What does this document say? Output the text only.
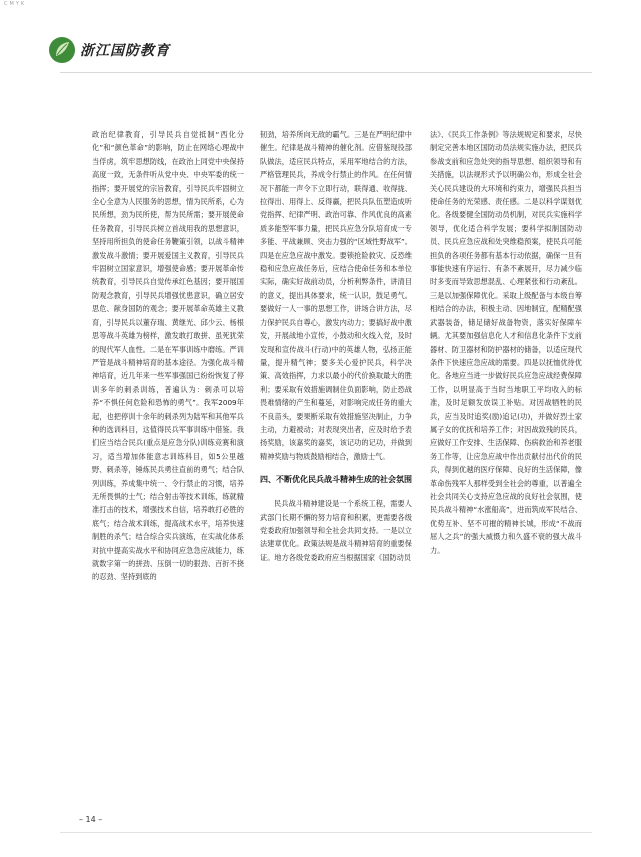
CMYK
浙江国防教育

政治纪律教育，引导民兵自觉抵制“西化分化”和“颜色革命”的影响，防止在网络心理战中当俘虏，筑牢思想防线，在政治上同党中央保持高度一致，无条件听从党中央、中央军委的统一指挥；要开展党的宗旨教育，引导民兵牢固树立全心全意为人民服务的思想，情为民所系，心为民所想，劲为民所使，帮为民所需；要开展使命任务教育，引导民兵树立首战用我的思想意识，坚持用所担负的使命任务鞭策引领，以战斗精神激发战斗激情；要开展爱国主义教育，引导民兵牢固树立国家意识，增强使命感；要开展革命传统教育，引导民兵自觉传承红色基因；要开展国防观念教育，引导民兵增强忧患意识，确立居安思危、献身国防的观念；要开展革命英雄主义教育，引导民兵以董存瑞、黄继光、邱少云、杨根思等战斗英雄为榜样，激发敢打敢拼、虽死犹荣的现代军人血性。二是在军事训练中磨练。严训严管是战斗精神培育的基本途径。为强化战斗精神培育，近几年来一些军事强国已纷纷恢复了停训多年的刺杀训练，普遍认为：刺杀可以培养“不惧任何危险和恐怖的勇气”。我军2009年起，也把停训十余年的刺杀列为陆军和其他军兵种的选训科目，这值得民兵军事训练中借鉴。我们应当结合民兵(重点是应急分队)训练竞赛和演习，适当增加体能意志训练科目，如5公里越野、刺杀等，锤炼民兵勇往直前的勇气；结合队列训练，养成集中统一、令行禁止的习惯，培养无所畏惧的士气；结合射击等技术训练，练就精准打击的技术，增强技术自信，培养敢打必胜的底气；结合战术训练，提高战术水平，培养快速制胜的杀气；结合综合实兵演练，在实战化体系对抗中提高实战水平和协同应急急应战能力，练就数字第一的拼劲、压倒一切的狠劲、百折不挠的忍劲、坚持到底的

韧劲，培养所向无敌的霸气。三是在严明纪律中催生。纪律是战斗精神的催化剂。应借鉴现役部队做法，适应民兵特点，采用军地结合的方法，严格管理民兵，养成令行禁止的作风。在任何情况下都能一声令下立即行动，联得通、收得拢、拉得出、用得上、反得赢，把民兵队伍塑造成听党指挥、纪律严明、政治可靠、作风优良的高素质多能型军事力量，把民兵应急分队培育成一专多能、平战兼顾、突击力强的“区域性野战军”。四是在应急应战中激发。要锁抢险救灾、反恐维稳和应急应战任务后，应结合使命任务和本单位实际，确实好战前动员，分析利弊条件，讲清目的意义，提出具体要求，统一认识，鼓足勇气。要做好一人一事的思想工作，讲场合讲方法，尽力保护民兵自尊心，激发内动力；要搞好战中激发，开展战地小宣传，小鼓动和火线入党，及时发现和宣传战斗(行动)中的英雄人物，弘扬正能量，提升精气神；要多关心爱护民兵，科学决策、高效指挥，力求以最小的代价换取最大的胜利；要采取有效措施调制住负面影响，防止恐战畏难情绪的产生和蔓延，对影响完成任务的重大不良苗头，要果断采取有效措施坚决制止，力争主动，力避被动；对表现突出者，应及时给予表扬奖励，该嘉奖的嘉奖，该记功的记功，并做到精神奖励与物质鼓励相结合，激励士气。

四、不断优化民兵战斗精神生成的社会氛围

民兵战斗精神建设是一个系统工程，需要人武部门长期不懈的努力培育和积累，更需要各级党委政府加强领导和全社会共同支持。一是以立法建章优化。政策法规是战斗精神培育的重要保证。地方各级党委政府应当根据国家《国防动员

法》、《民兵工作条例》等法规规定和要求，尽快制定完善本地区国防动员法规实施办法，把民兵参战支前和应急处突的指导思想、组织领导和有关措施，以法规形式予以明确公布，形成全社会关心民兵建设的大环境和约束力，增强民兵担当使命任务的光荣感、责任感。二是以科学谋划优化。各级要健全国防动员机制，对民兵实施科学领导，优化适合科学发展；要科学拟制国防动员、民兵应急应战和处突维稳预案，使民兵可能担负的各项任务都有基本行动依据，确保一旦有事能快速有序运行、有条不紊展开，尽力减少临时多变而导致思想混乱、心理紧张和行动紊乱。三是以加强保障优化。采取上级配备与本级自筹相结合的办法，积极主动、因地制宜，配精配强武器装备，储足储好战备物资，落实好保障车辆。尤其要加强信息化人才和信息化条件下支前器材、防卫器材和防护器材的储备，以适应现代条件下快速应急应战的需要。四是以抚恤优待优化。各地应当进一步做好民兵应急应战经费保障工作，以明显高于当时当地职工平均收入的标准，及时足额发放误工补贴。对因战牺牲的民兵，应当及时追奖(励)追记(功)，并做好烈士家属子女的优抚和培养工作；对因战致残的民兵，应做好工作安排、生活保障、伤病救治和养老服务工作等，让应急应战中作出贡献付出代价的民兵，得到优越的医疗保障、良好的生活保障，像革命伤残军人那样受到全社会的尊重，以普遍全社会共同关心支持应急应战的良好社会氛围，使民兵战斗精神“水涨船高”，进而筑成军民结合、优势互补、坚不可摧的精神长城，形成“不战而屈人之兵”的强大威慑力和久盛不衰的强大战斗力。

– 14 –
